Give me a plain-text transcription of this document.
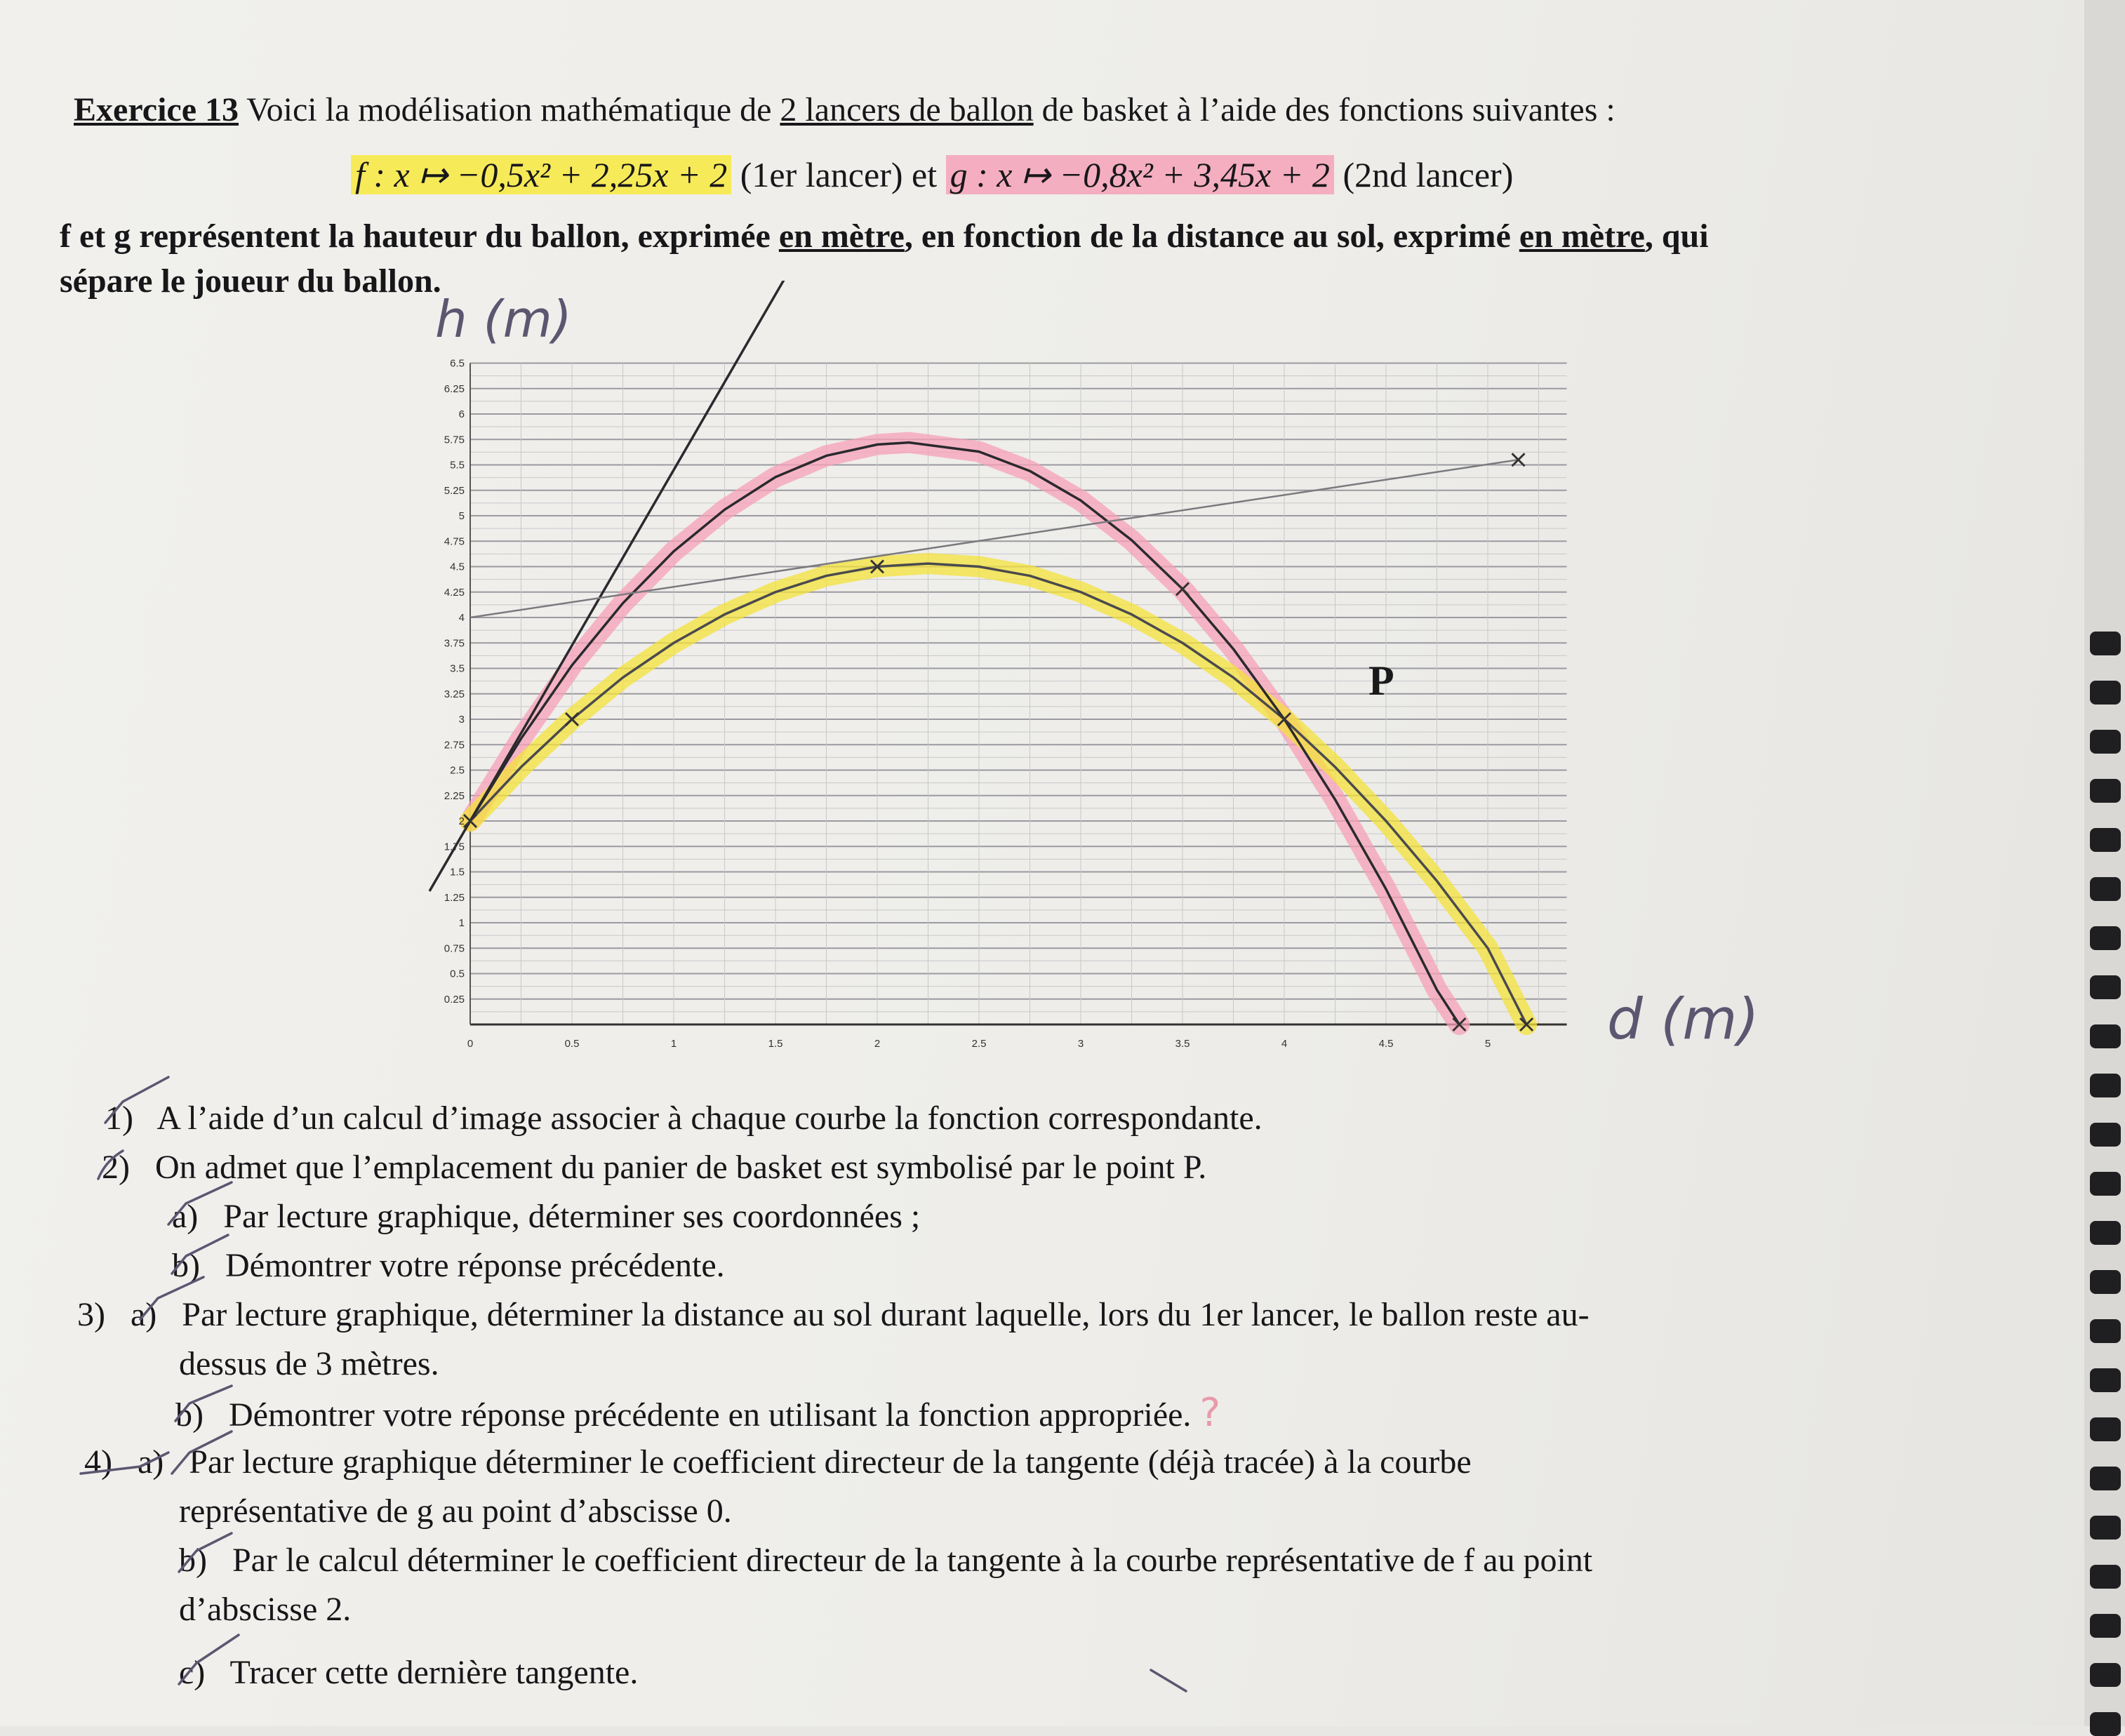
Exercice 13 Voici la modélisation mathématique de 2 lancers de ballon de basket à l’aide des fonctions suivantes :

f : x ↦ −0,5x² + 2,25x + 2 (1er lancer) et g : x ↦ −0,8x² + 3,45x + 2 (2nd lancer)

f et g représentent la hauteur du ballon, exprimée en mètre, en fonction de la distance au sol, exprimé en mètre, qui

sépare le joueur du ballon.

0.25
0.5
0.75
1
1.25
1.5
1.75
2
2.25
2.5
2.75
3
3.25
3.5
3.75
4
4.25
4.5
4.75
5
5.25
5.5
5.75
6
6.25
6.5
0	0.5	1	1.5	2	2.5	3	3.5	4	4.5	5
P
h (m)
d (m)

1) A l’aide d’un calcul d’image associer à chaque courbe la fonction correspondante.

2) On admet que l’emplacement du panier de basket est symbolisé par le point P.

a) Par lecture graphique, déterminer ses coordonnées ;

b) Démontrer votre réponse précédente.

3) a) Par lecture graphique, déterminer la distance au sol durant laquelle, lors du 1er lancer, le ballon reste au-

dessus de 3 mètres.

b) Démontrer votre réponse précédente en utilisant la fonction appropriée. ?

4) a) Par lecture graphique déterminer le coefficient directeur de la tangente (déjà tracée) à la courbe

représentative de g au point d’abscisse 0.

b) Par le calcul déterminer le coefficient directeur de la tangente à la courbe représentative de f au point

d’abscisse 2.

c) Tracer cette dernière tangente.
